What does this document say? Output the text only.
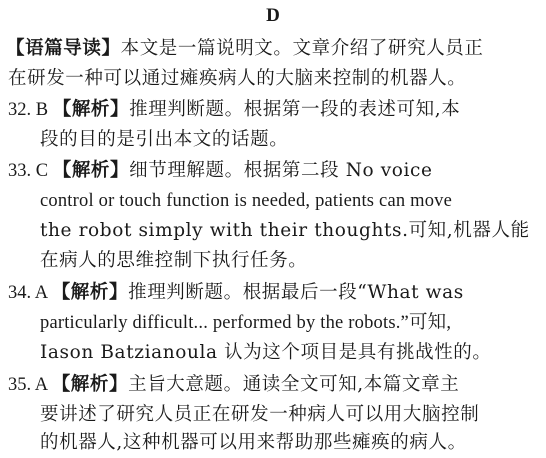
D
【语篇导读】本文是一篇说明文。文章介绍了研究人员正
在研发一种可以通过瘫痪病人的大脑来控制的机器人。
32. B 【解析】推理判断题。根据第一段的表述可知,本
段的目的是引出本文的话题。
33. C 【解析】细节理解题。根据第二段 No voice
control or touch function is needed, patients can move
the robot simply with their thoughts.可知,机器人能
在病人的思维控制下执行任务。
34. A 【解析】推理判断题。根据最后一段“What was
particularly difficult... performed by the robots.”可知,
Iason Batzianoula 认为这个项目是具有挑战性的。
35. A 【解析】主旨大意题。通读全文可知,本篇文章主
要讲述了研究人员正在研发一种病人可以用大脑控制
的机器人,这种机器可以用来帮助那些瘫痪的病人。
